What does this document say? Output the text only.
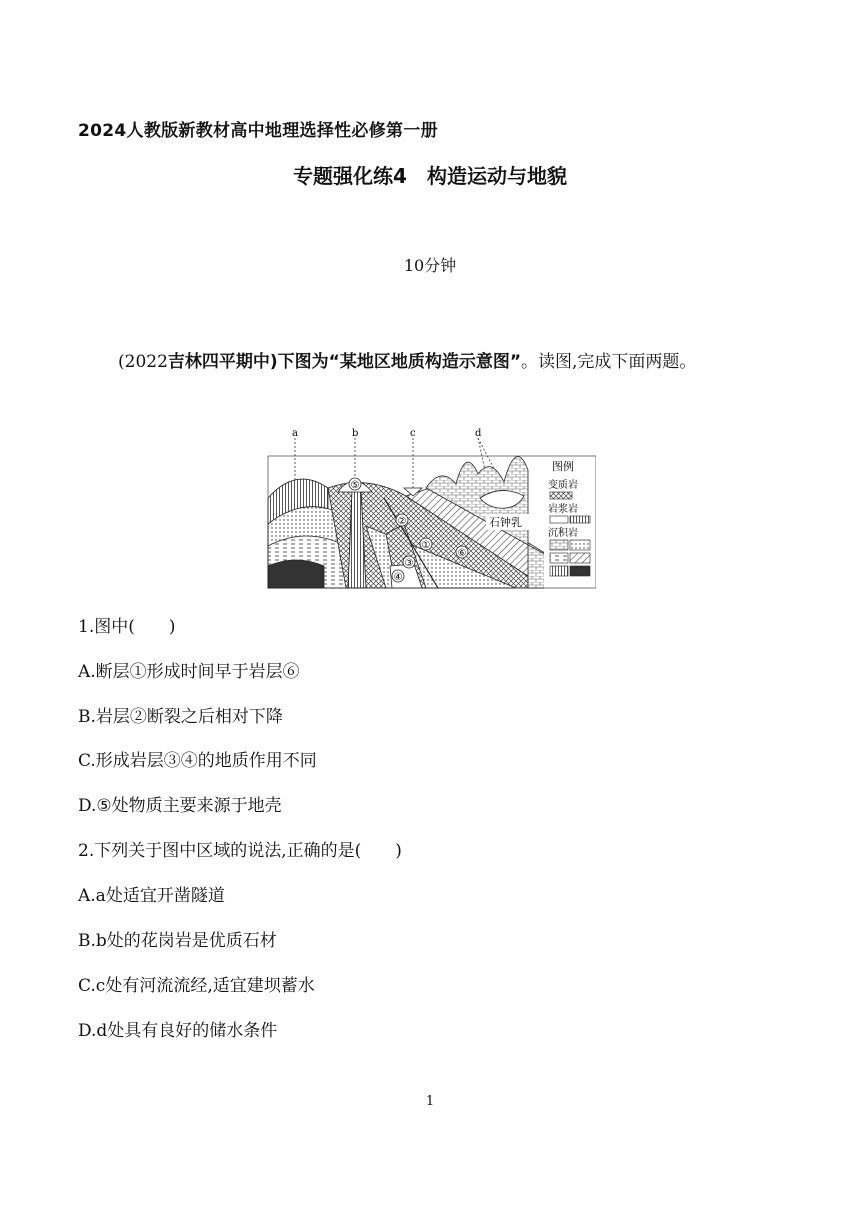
2024人教版新教材高中地理选择性必修第一册
专题强化练4　构造运动与地貌
10分钟
(2022吉林四平期中)下图为“某地区地质构造示意图”。读图,完成下面两题。
a	b	c	d
⑤
②
①
⑥
③
④
石钟乳
图例
变质岩
岩浆岩
沉积岩
1.图中(　　)
A.断层①形成时间早于岩层⑥
B.岩层②断裂之后相对下降
C.形成岩层③④的地质作用不同
D.⑤处物质主要来源于地壳
2.下列关于图中区域的说法,正确的是(　　)
A.a处适宜开凿隧道
B.b处的花岗岩是优质石材
C.c处有河流流经,适宜建坝蓄水
D.d处具有良好的储水条件
1
